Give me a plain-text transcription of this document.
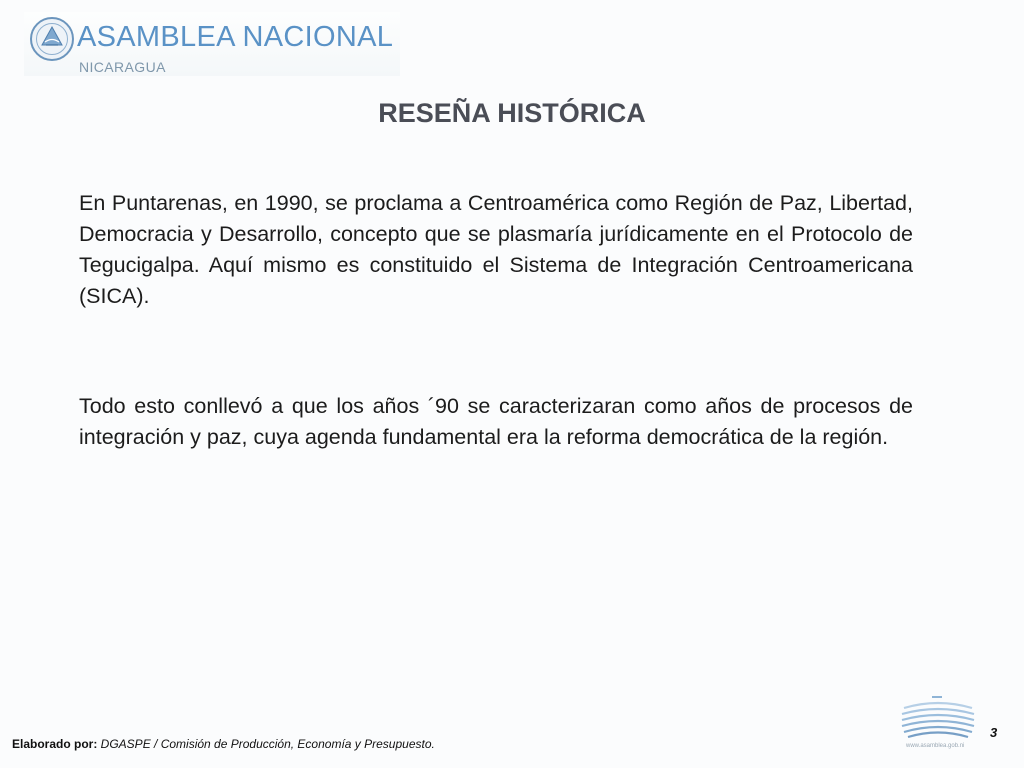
ASAMBLEA NACIONAL
NICARAGUA
RESEÑA HISTÓRICA

En Puntarenas, en 1990, se proclama a Centroamérica como Región de Paz, Libertad, Democracia y Desarrollo, concepto que se plasmaría jurídicamente en el Protocolo de Tegucigalpa. Aquí mismo es constituido el Sistema de Integración Centroamericana (SICA).

Todo esto conllevó a que los años ´90 se caracterizaran como años de procesos de integración y paz, cuya agenda fundamental era la reforma democrática de la región.

Elaborado por: DGASPE / Comisión de Producción, Economía y Presupuesto.
3
www.asamblea.gob.ni
